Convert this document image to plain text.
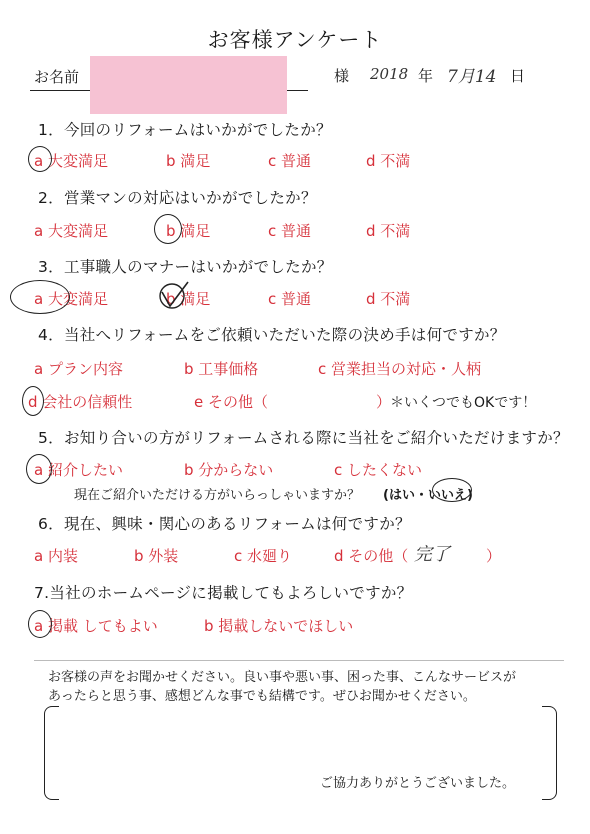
お客様アンケート
お名前	様 2018 年 7月14 日
1．今回のリフォームはいかがでしたか？
a 大変満足	b 満足	c 普通	d 不満
2．営業マンの対応はいかがでしたか？
a 大変満足	b 満足	c 普通	d 不満
3．工事職人のマナーはいかがでしたか？
a 大変満足	b 満足	c 普通	d 不満
4．当社へリフォームをご依頼いただいた際の決め手は何ですか？
a プラン内容	b 工事価格	c 営業担当の対応・人柄
d 会社の信頼性	e その他（	）
＊いくつでもOKです！
5．お知り合いの方がリフォームされる際に当社をご紹介いただけますか？
a 紹介したい	b 分からない	c したくない
現在ご紹介いただける方がいらっしゃいますか？ (はい・いいえ)
6．現在、興味・関心のあるリフォームは何ですか？
a 内装	b 外装	c 水廻り	d その他（	）
完了
7.当社のホームページに掲載してもよろしいですか？
a 掲載 してもよい	b 掲載しないでほしい
お客様の声をお聞かせください。良い事や悪い事、困った事、こんなサービスが
あったらと思う事、感想どんな事でも結構です。ぜひお聞かせください。
ご協力ありがとうございました。
